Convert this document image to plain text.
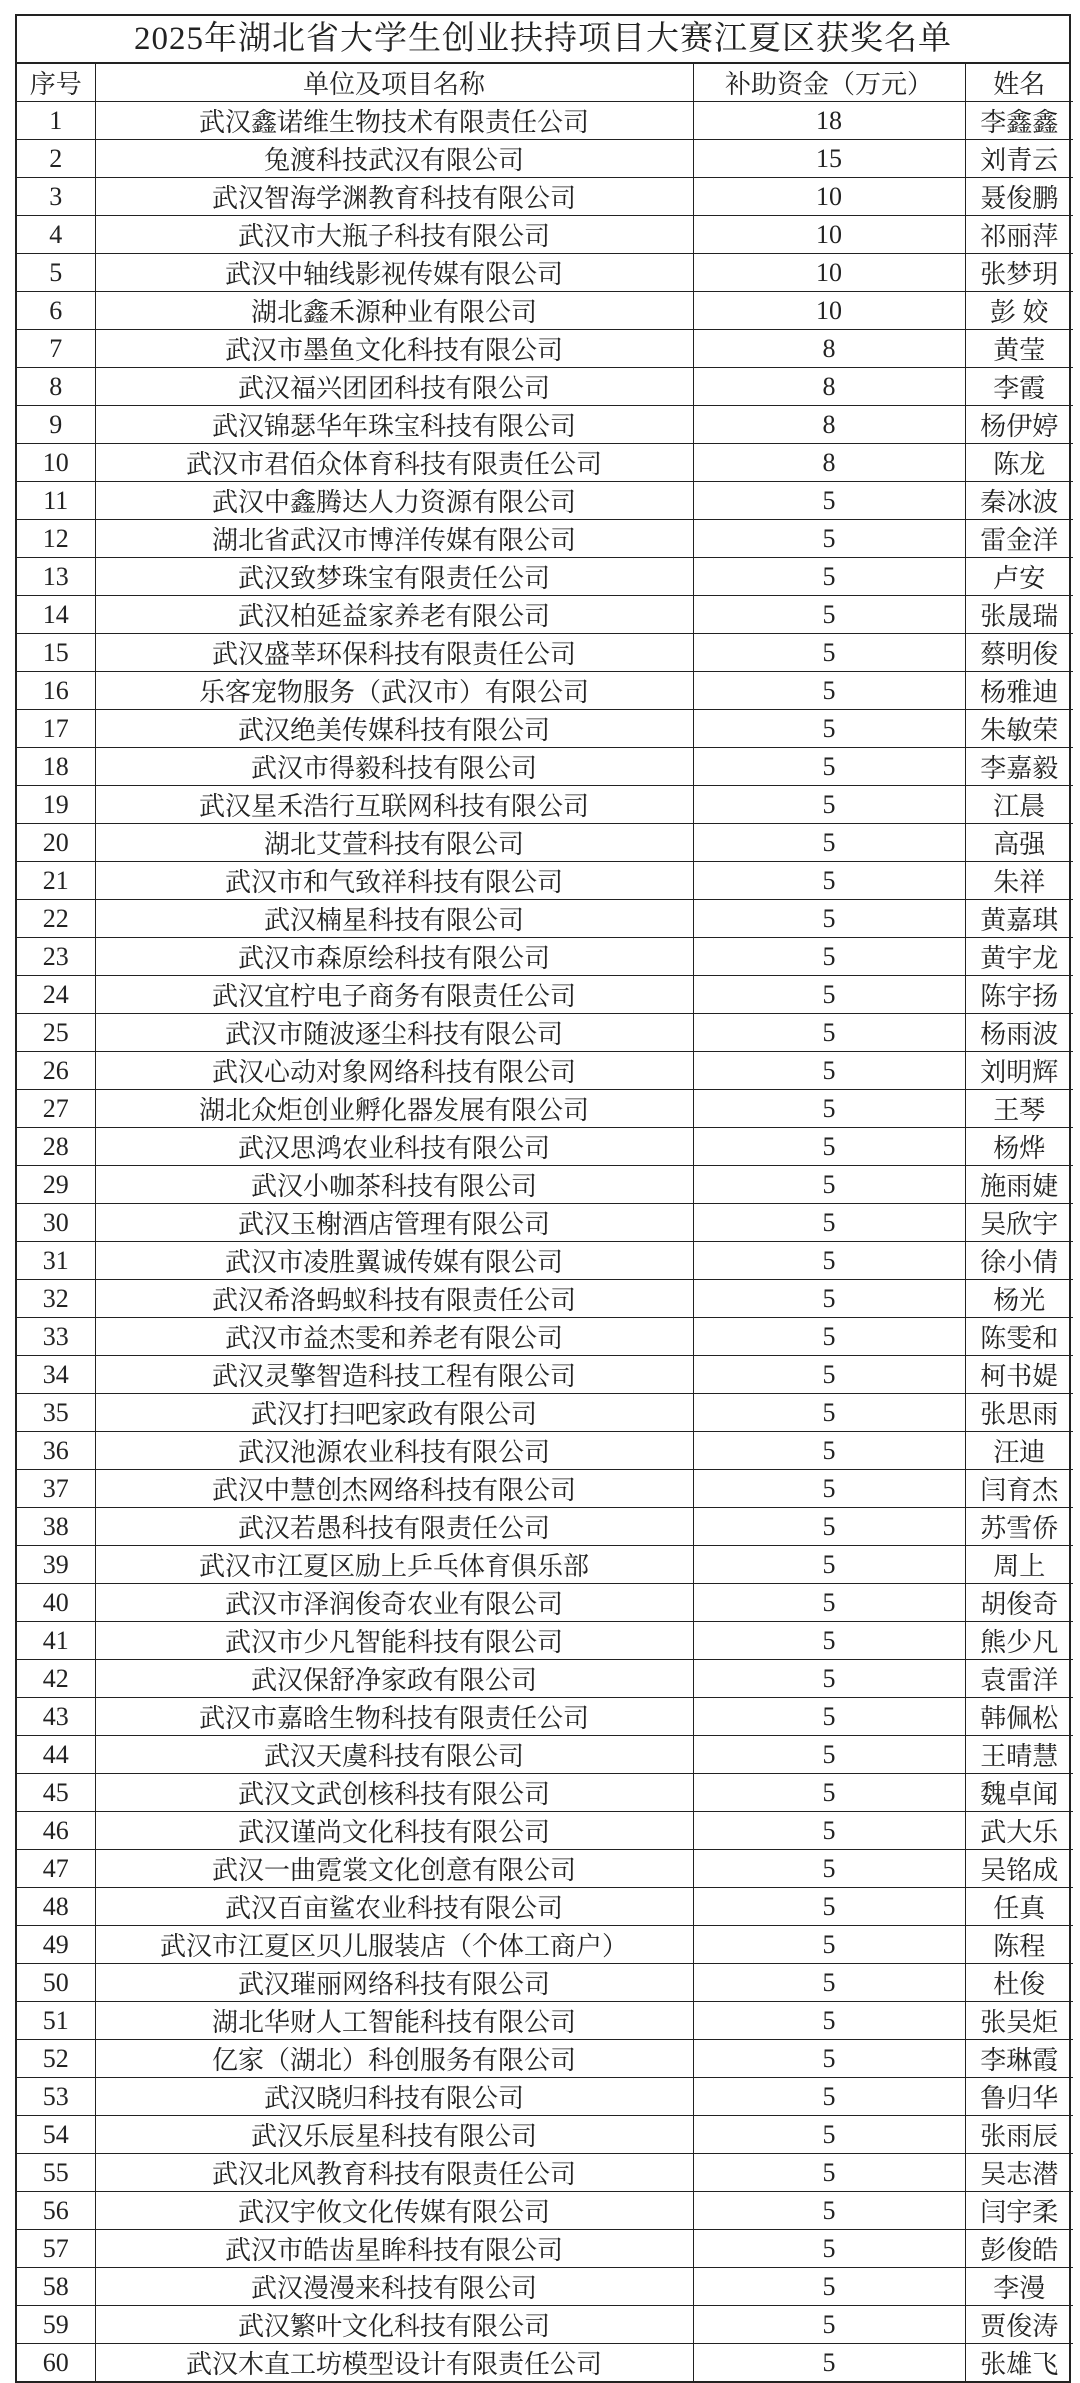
2025年湖北省大学生创业扶持项目大赛江夏区获奖名单
序号	单位及项目名称	补助资金（万元）	姓名
1	武汉鑫诺维生物技术有限责任公司	18	李鑫鑫
2	兔渡科技武汉有限公司	15	刘青云
3	武汉智海学渊教育科技有限公司	10	聂俊鹏
4	武汉市大瓶子科技有限公司	10	祁丽萍
5	武汉中轴线影视传媒有限公司	10	张梦玥
6	湖北鑫禾源种业有限公司	10	彭 姣
7	武汉市墨鱼文化科技有限公司	8	黄莹
8	武汉福兴团团科技有限公司	8	李霞
9	武汉锦瑟华年珠宝科技有限公司	8	杨伊婷
10	武汉市君佰众体育科技有限责任公司	8	陈龙
11	武汉中鑫腾达人力资源有限公司	5	秦冰波
12	湖北省武汉市博洋传媒有限公司	5	雷金洋
13	武汉致梦珠宝有限责任公司	5	卢安
14	武汉柏延益家养老有限公司	5	张晟瑞
15	武汉盛莘环保科技有限责任公司	5	蔡明俊
16	乐客宠物服务（武汉市）有限公司	5	杨雅迪
17	武汉绝美传媒科技有限公司	5	朱敏荣
18	武汉市得毅科技有限公司	5	李嘉毅
19	武汉星禾浩行互联网科技有限公司	5	江晨
20	湖北艾萱科技有限公司	5	高强
21	武汉市和气致祥科技有限公司	5	朱祥
22	武汉楠星科技有限公司	5	黄嘉琪
23	武汉市森原绘科技有限公司	5	黄宇龙
24	武汉宜柠电子商务有限责任公司	5	陈宇扬
25	武汉市随波逐尘科技有限公司	5	杨雨波
26	武汉心动对象网络科技有限公司	5	刘明辉
27	湖北众炬创业孵化器发展有限公司	5	王琴
28	武汉思鸿农业科技有限公司	5	杨烨
29	武汉小咖茶科技有限公司	5	施雨婕
30	武汉玉榭酒店管理有限公司	5	吴欣宇
31	武汉市凌胜翼诚传媒有限公司	5	徐小倩
32	武汉希洛蚂蚁科技有限责任公司	5	杨光
33	武汉市益杰雯和养老有限公司	5	陈雯和
34	武汉灵擎智造科技工程有限公司	5	柯书媞
35	武汉打扫吧家政有限公司	5	张思雨
36	武汉池源农业科技有限公司	5	汪迪
37	武汉中慧创杰网络科技有限公司	5	闫育杰
38	武汉若愚科技有限责任公司	5	苏雪侨
39	武汉市江夏区励上乒乓体育俱乐部	5	周上
40	武汉市泽润俊奇农业有限公司	5	胡俊奇
41	武汉市少凡智能科技有限公司	5	熊少凡
42	武汉保舒净家政有限公司	5	袁雷洋
43	武汉市嘉晗生物科技有限责任公司	5	韩佩松
44	武汉天虞科技有限公司	5	王晴慧
45	武汉文武创核科技有限公司	5	魏卓闻
46	武汉谨尚文化科技有限公司	5	武大乐
47	武汉一曲霓裳文化创意有限公司	5	吴铭成
48	武汉百亩鲨农业科技有限公司	5	任真
49	武汉市江夏区贝儿服装店（个体工商户）	5	陈程
50	武汉璀丽网络科技有限公司	5	杜俊
51	湖北华财人工智能科技有限公司	5	张吴炬
52	亿家（湖北）科创服务有限公司	5	李琳霞
53	武汉晓归科技有限公司	5	鲁归华
54	武汉乐辰星科技有限公司	5	张雨辰
55	武汉北风教育科技有限责任公司	5	吴志潜
56	武汉宇攸文化传媒有限公司	5	闫宇柔
57	武汉市皓齿星眸科技有限公司	5	彭俊皓
58	武汉漫漫来科技有限公司	5	李漫
59	武汉繁叶文化科技有限公司	5	贾俊涛
60	武汉木直工坊模型设计有限责任公司	5	张雄飞
